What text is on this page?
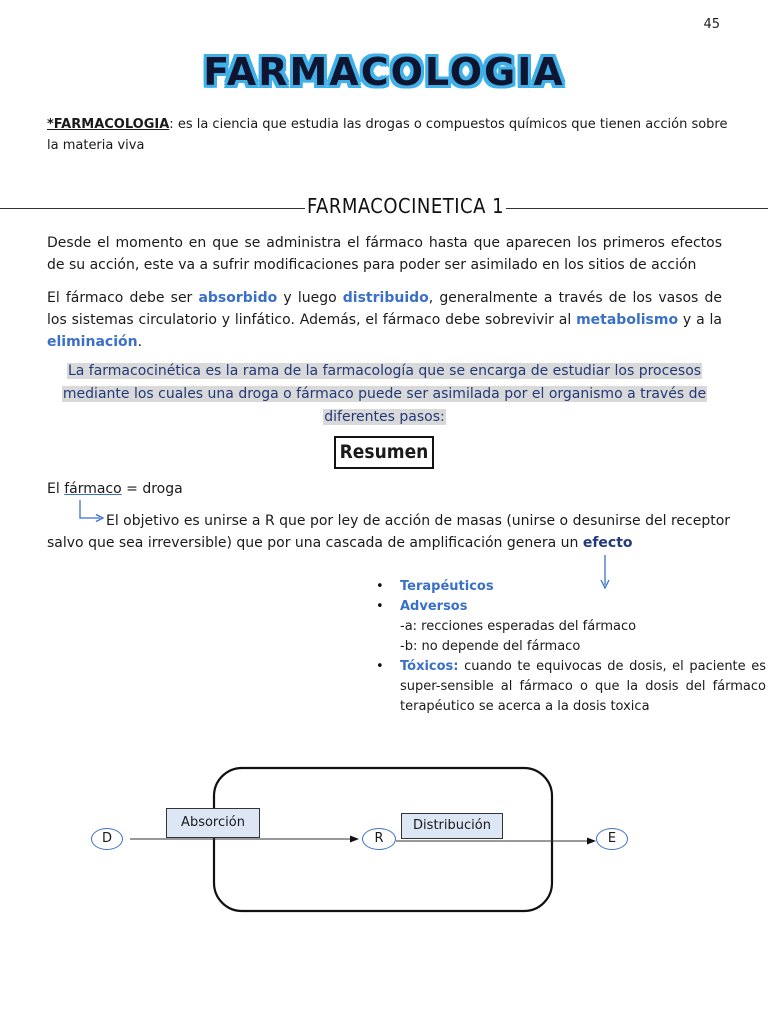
45
FARMACOLOGIA
*FARMACOLOGIA: es la ciencia que estudia las drogas o compuestos químicos que tienen acción sobre
la materia viva
FARMACOCINETICA 1
Desde el momento en que se administra el fármaco hasta que aparecen los primeros efectos de su acción, este va a sufrir modificaciones para poder ser asimilado en los sitios de acción
El fármaco debe ser absorbido y luego distribuido, generalmente a través de los vasos de los sistemas circulatorio y linfático. Además, el fármaco debe sobrevivir al metabolismo y a la eliminación.
La farmacocinética es la rama de la farmacología que se encarga de estudiar los procesos
mediante los cuales una droga o fármaco puede ser asimilada por el organismo a través de
diferentes pasos:
Resumen
El fármaco = droga
El objetivo es unirse a R que por ley de acción de masas (unirse o desunirse del receptor
salvo que sea irreversible) que por una cascada de amplificación genera un efecto
• Terapéuticos
• Adversos
-a: recciones esperadas del fármaco
-b: no depende del fármaco
• Tóxicos: cuando te equivocas de dosis, el paciente es super-sensible al fármaco o que la dosis del fármaco terapéutico se acerca a la dosis toxica
D	R	E
Absorción	Distribución
